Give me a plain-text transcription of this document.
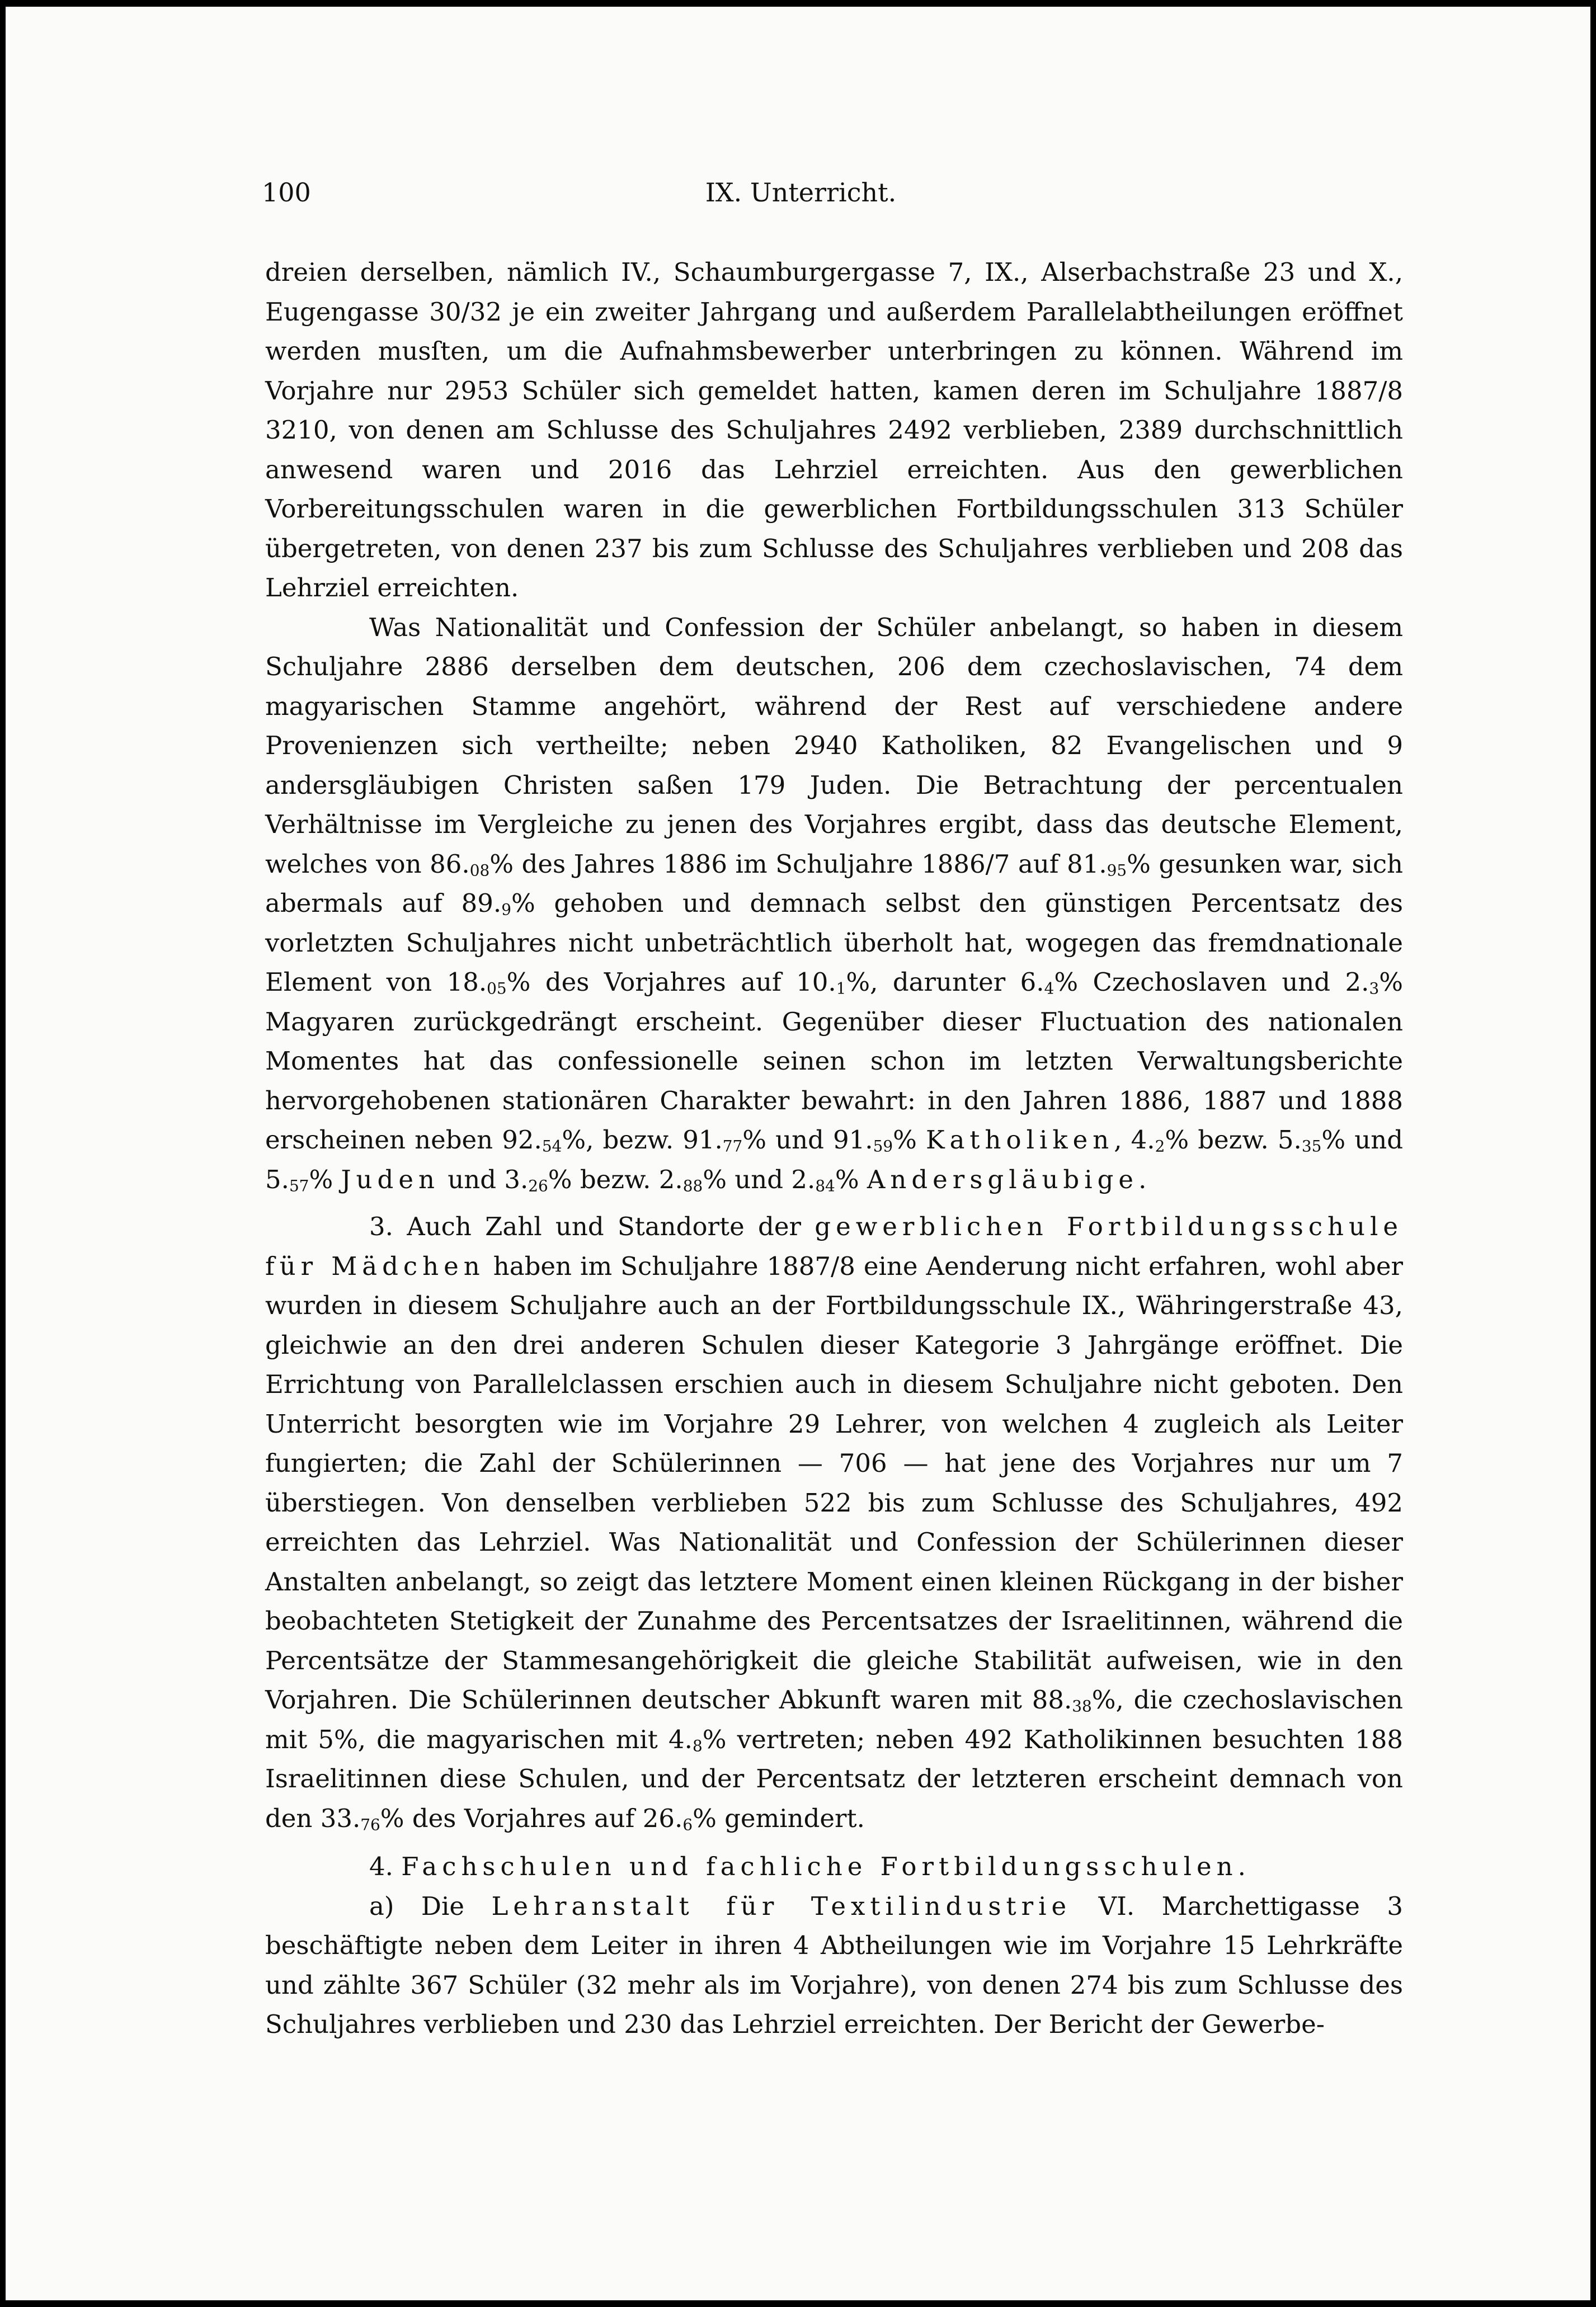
100	IX. Unterricht.

dreien derselben, nämlich IV., Schaumburgergasse 7, IX., Alserbachstraße 23 und X., Eugengasse 30/32 je ein zweiter Jahrgang und außerdem Parallelabtheilungen eröffnet werden musſten, um die Aufnahmsbewerber unterbringen zu können. Während im Vorjahre nur 2953 Schüler sich gemeldet hatten, kamen deren im Schuljahre 1887/8 3210, von denen am Schlusse des Schuljahres 2492 verblieben, 2389 durchschnittlich anwesend waren und 2016 das Lehrziel erreichten. Aus den gewerblichen Vorbereitungsschulen waren in die gewerblichen Fortbildungsschulen 313 Schüler übergetreten, von denen 237 bis zum Schlusse des Schuljahres verblieben und 208 das Lehrziel erreichten.

Was Nationalität und Confession der Schüler anbelangt, so haben in diesem Schuljahre 2886 derselben dem deutschen, 206 dem czechoslavischen, 74 dem magyarischen Stamme angehört, während der Rest auf verschiedene andere Provenienzen sich vertheilte; neben 2940 Katholiken, 82 Evangelischen und 9 andersgläubigen Christen saßen 179 Juden. Die Betrachtung der percentualen Verhältnisse im Vergleiche zu jenen des Vorjahres ergibt, dass das deutsche Element, welches von $86._{08}\%$ des Jahres 1886 im Schuljahre 1886/7 auf $81._{95}\%$ gesunken war, sich abermals auf $89._9\%$ gehoben und demnach selbst den günstigen Percentsatz des vorletzten Schuljahres nicht unbeträchtlich überholt hat, wogegen das fremdnationale Element von $18._{05}\%$ des Vorjahres auf $10._1\%$, darunter $6._4\%$ Czechoslaven und $2._3\%$ Magyaren zurückgedrängt erscheint. Gegenüber dieser Fluctuation des nationalen Momentes hat das confessionelle seinen schon im letzten Verwaltungsberichte hervorgehobenen stationären Charakter bewahrt: in den Jahren 1886, 1887 und 1888 erscheinen neben $92._{54}\%$, bezw. $91._{77}\%$ und $91._{59}\%$ Katholiken, $4._2\%$ bezw. $5._{35}\%$ und $5._{57}\%$ Juden und $3._{26}\%$ bezw. $2._{88}\%$ und $2._{84}\%$ Andersgläubige.

3. Auch Zahl und Standorte der gewerblichen Fortbildungsschule für Mädchen haben im Schuljahre 1887/8 eine Aenderung nicht erfahren, wohl aber wurden in diesem Schuljahre auch an der Fortbildungsschule IX., Währingerstraße 43, gleichwie an den drei anderen Schulen dieser Kategorie 3 Jahrgänge eröffnet. Die Errichtung von Parallelclassen erschien auch in diesem Schuljahre nicht geboten. Den Unterricht besorgten wie im Vorjahre 29 Lehrer, von welchen 4 zugleich als Leiter fungierten; die Zahl der Schülerinnen — 706 — hat jene des Vorjahres nur um 7 überstiegen. Von denselben verblieben 522 bis zum Schlusse des Schuljahres, 492 erreichten das Lehrziel. Was Nationalität und Confession der Schülerinnen dieser Anstalten anbelangt, so zeigt das letztere Moment einen kleinen Rückgang in der bisher beobachteten Stetigkeit der Zunahme des Percentsatzes der Israelitinnen, während die Percentsätze der Stammesangehörigkeit die gleiche Stabilität aufweisen, wie in den Vorjahren. Die Schülerinnen deutscher Abkunft waren mit $88._{38}\%$, die czechoslavischen mit 5%, die magyarischen mit $4._8\%$ vertreten; neben 492 Katholikinnen besuchten 188 Israelitinnen diese Schulen, und der Percentsatz der letzteren erscheint demnach von den $33._{76}\%$ des Vorjahres auf $26._6\%$ gemindert.

4. Fachschulen und fachliche Fortbildungsschulen.

a) Die Lehranstalt für Textilindustrie VI. Marchettigasse 3 beschäftigte neben dem Leiter in ihren 4 Abtheilungen wie im Vorjahre 15 Lehrkräfte und zählte 367 Schüler (32 mehr als im Vorjahre), von denen 274 bis zum Schlusse des Schuljahres verblieben und 230 das Lehrziel erreichten. Der Bericht der Gewerbe-
